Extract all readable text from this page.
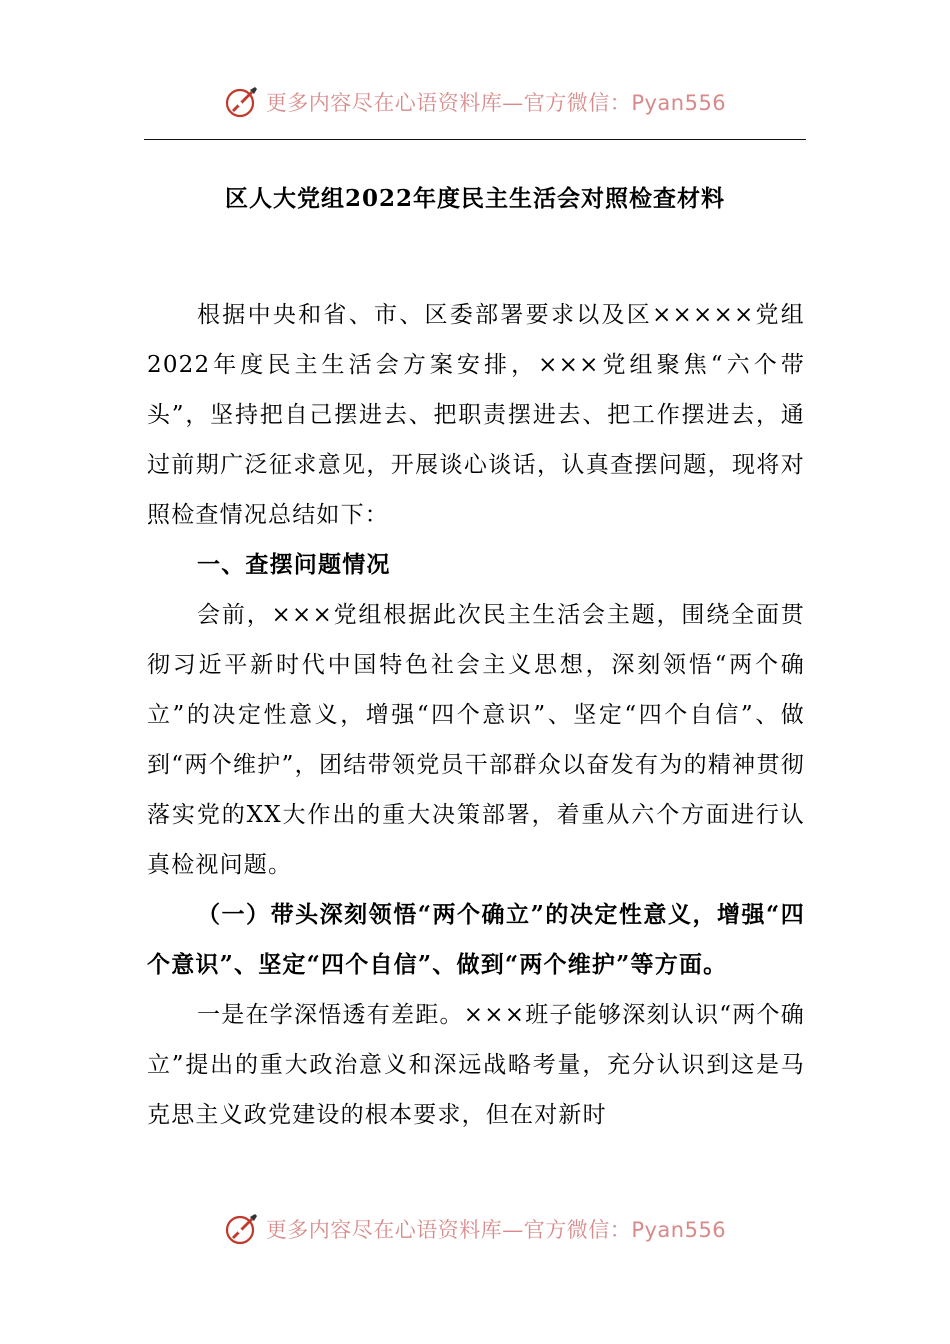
更多内容尽在心语资料库—官方微信：Pyan556
区人大党组2022年度民主生活会对照检查材料

根据中央和省、市、区委部署要求以及区×××××党组2022年度民主生活会方案安排，×××党组聚焦“六个带头”，坚持把自己摆进去、把职责摆进去、把工作摆进去，通过前期广泛征求意见，开展谈心谈话，认真查摆问题，现将对照检查情况总结如下：

一、查摆问题情况

会前，×××党组根据此次民主生活会主题，围绕全面贯彻习近平新时代中国特色社会主义思想，深刻领悟“两个确立”的决定性意义，增强“四个意识”、坚定“四个自信”、做到“两个维护”，团结带领党员干部群众以奋发有为的精神贯彻落实党的XX大作出的重大决策部署，着重从六个方面进行认真检视问题。

（一）带头深刻领悟“两个确立”的决定性意义，增强“四个意识”、坚定“四个自信”、做到“两个维护”等方面。

一是在学深悟透有差距。×××班子能够深刻认识“两个确立”提出的重大政治意义和深远战略考量，充分认识到这是马克思主义政党建设的根本要求，但在对新时

更多内容尽在心语资料库—官方微信：Pyan556
